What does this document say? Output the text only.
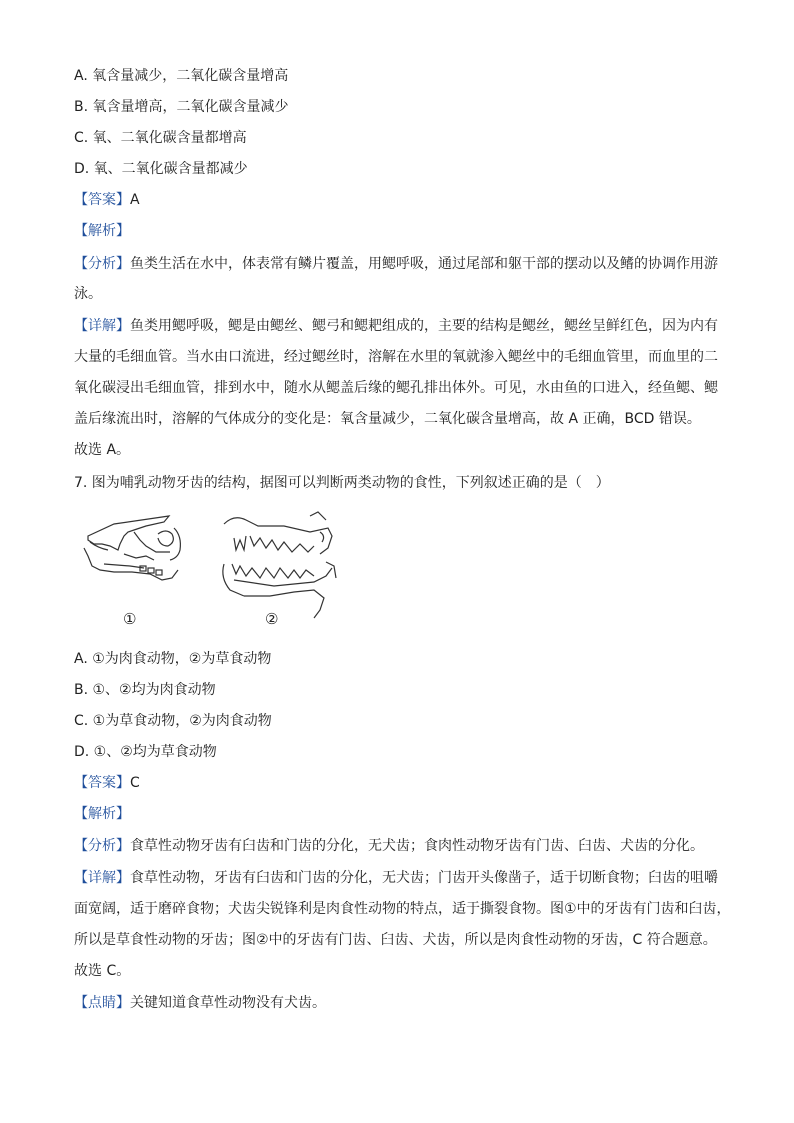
A. 氧含量减少，二氧化碳含量增高
B. 氧含量增高，二氧化碳含量减少
C. 氧、二氧化碳含量都增高
D. 氧、二氧化碳含量都减少
【答案】A
【解析】
【分析】鱼类生活在水中，体表常有鳞片覆盖，用鳃呼吸，通过尾部和躯干部的摆动以及鳍的协调作用游
泳。
【详解】鱼类用鳃呼吸，鳃是由鳃丝、鳃弓和鳃耙组成的，主要的结构是鳃丝，鳃丝呈鲜红色，因为内有
大量的毛细血管。当水由口流进，经过鳃丝时，溶解在水里的氧就渗入鳃丝中的毛细血管里，而血里的二
氧化碳浸出毛细血管，排到水中，随水从鳃盖后缘的鳃孔排出体外。可见，水由鱼的口进入，经鱼鳃、鳃
盖后缘流出时，溶解的气体成分的变化是：氧含量减少，二氧化碳含量增高，故 A 正确，BCD 错误。
故选 A。
7. 图为哺乳动物牙齿的结构，据图可以判断两类动物的食性，下列叙述正确的是（　）
①	②
A. ①为肉食动物，②为草食动物
B. ①、②均为肉食动物
C. ①为草食动物，②为肉食动物
D. ①、②均为草食动物
【答案】C
【解析】
【分析】食草性动物牙齿有臼齿和门齿的分化，无犬齿；食肉性动物牙齿有门齿、臼齿、犬齿的分化。
【详解】食草性动物，牙齿有臼齿和门齿的分化，无犬齿；门齿开头像凿子，适于切断食物；臼齿的咀嚼
面宽阔，适于磨碎食物；犬齿尖锐锋利是肉食性动物的特点，适于撕裂食物。图①中的牙齿有门齿和臼齿，
所以是草食性动物的牙齿；图②中的牙齿有门齿、臼齿、犬齿，所以是肉食性动物的牙齿，C 符合题意。
故选 C。
【点睛】关键知道食草性动物没有犬齿。
